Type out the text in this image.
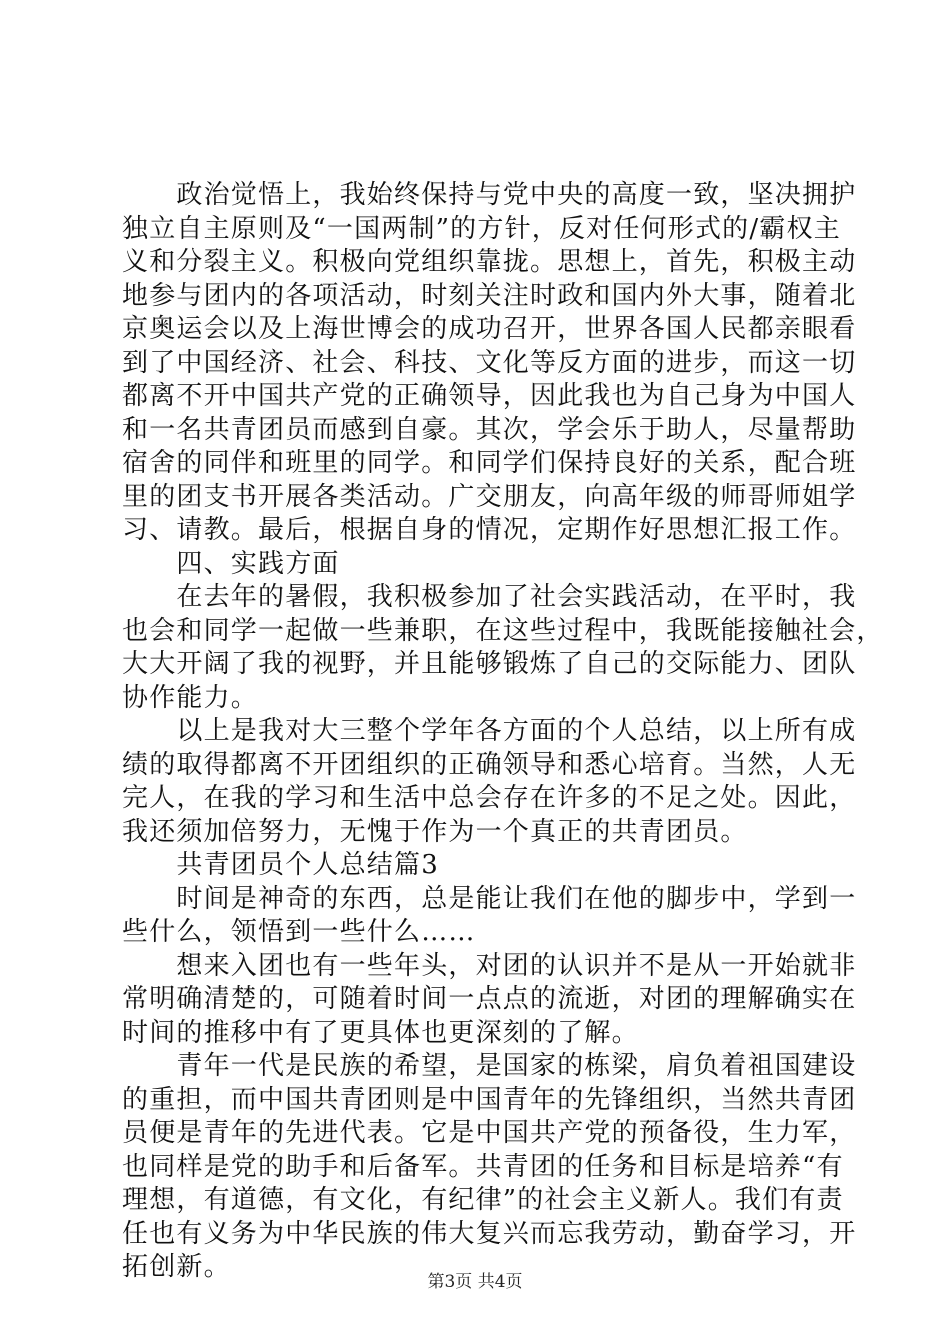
　　政治觉悟上，我始终保持与党中央的高度一致，坚决拥护

独立自主原则及“一国两制”的方针，反对任何形式的/霸权主

义和分裂主义。积极向党组织靠拢。思想上，首先，积极主动

地参与团内的各项活动，时刻关注时政和国内外大事，随着北

京奥运会以及上海世博会的成功召开，世界各国人民都亲眼看

到了中国经济、社会、科技、文化等反方面的进步，而这一切

都离不开中国共产党的正确领导，因此我也为自己身为中国人

和一名共青团员而感到自豪。其次，学会乐于助人，尽量帮助

宿舍的同伴和班里的同学。和同学们保持良好的关系，配合班

里的团支书开展各类活动。广交朋友，向高年级的师哥师姐学

习、请教。最后，根据自身的情况，定期作好思想汇报工作。

　　四、实践方面

　　在去年的暑假，我积极参加了社会实践活动，在平时，我

也会和同学一起做一些兼职，在这些过程中，我既能接触社会，

大大开阔了我的视野，并且能够锻炼了自己的交际能力、团队

协作能力。

　　以上是我对大三整个学年各方面的个人总结，以上所有成

绩的取得都离不开团组织的正确领导和悉心培育。当然，人无

完人，在我的学习和生活中总会存在许多的不足之处。因此，

我还须加倍努力，无愧于作为一个真正的共青团员。

　　共青团员个人总结篇3

　　时间是神奇的东西，总是能让我们在他的脚步中，学到一

些什么，领悟到一些什么……

　　想来入团也有一些年头，对团的认识并不是从一开始就非

常明确清楚的，可随着时间一点点的流逝，对团的理解确实在

时间的推移中有了更具体也更深刻的了解。

　　青年一代是民族的希望，是国家的栋梁，肩负着祖国建设

的重担，而中国共青团则是中国青年的先锋组织，当然共青团

员便是青年的先进代表。它是中国共产党的预备役，生力军，

也同样是党的助手和后备军。共青团的任务和目标是培养“有

理想，有道德，有文化，有纪律”的社会主义新人。我们有责

任也有义务为中华民族的伟大复兴而忘我劳动，勤奋学习，开

拓创新。	第3页 共4页
